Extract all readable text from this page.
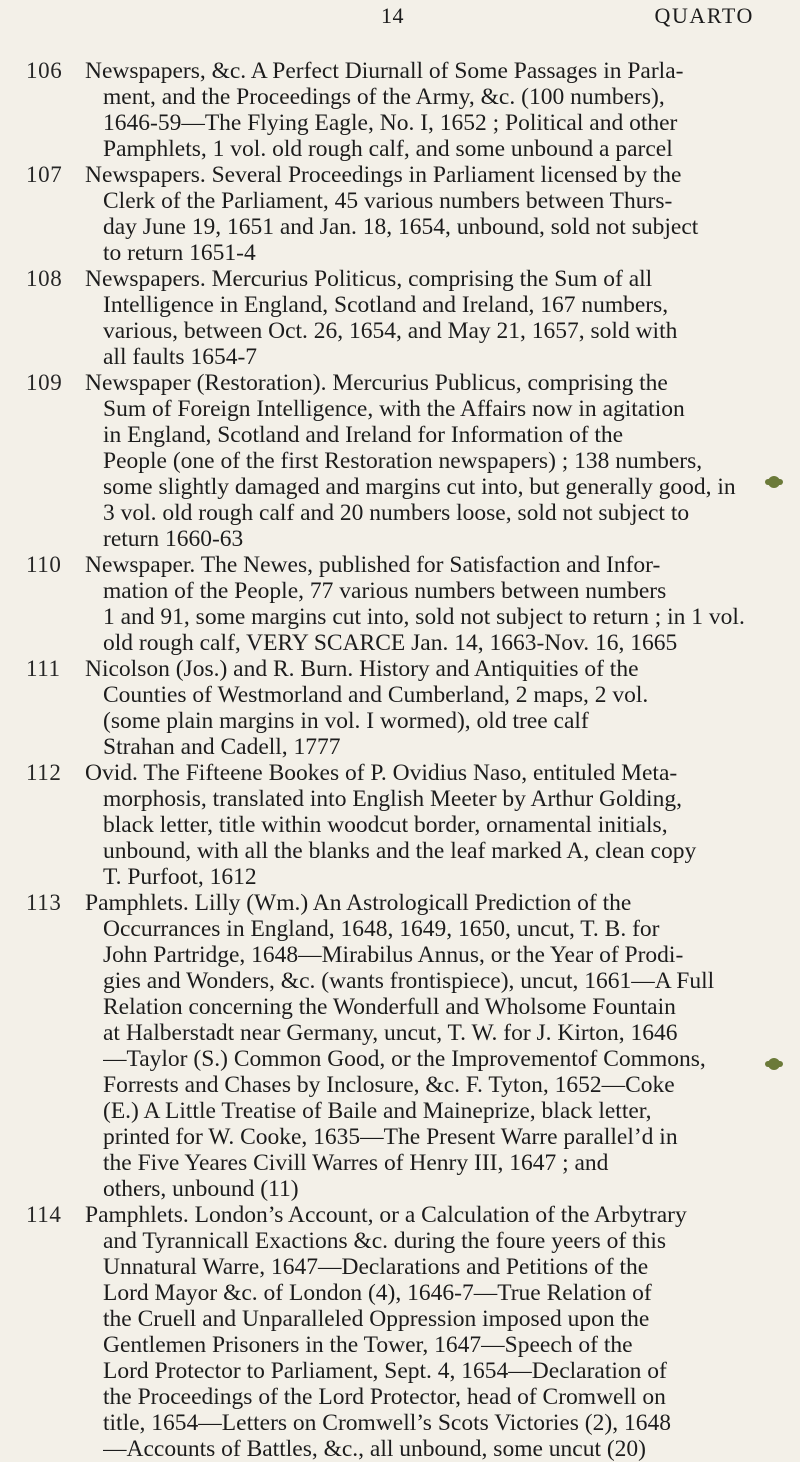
14	QUARTO
106 Newspapers, &c. A Perfect Diurnall of Some Passages in Parla-
ment, and the Proceedings of the Army, &c. (100 numbers),
1646-59—The Flying Eagle, No. I, 1652 ; Political and other
Pamphlets, 1 vol. old rough calf, and some unbound a parcel
107 Newspapers. Several Proceedings in Parliament licensed by the
Clerk of the Parliament, 45 various numbers between Thurs-
day June 19, 1651 and Jan. 18, 1654, unbound, sold not subject
to return 1651-4
108 Newspapers. Mercurius Politicus, comprising the Sum of all
Intelligence in England, Scotland and Ireland, 167 numbers,
various, between Oct. 26, 1654, and May 21, 1657, sold with
all faults 1654-7
109 Newspaper (Restoration). Mercurius Publicus, comprising the
Sum of Foreign Intelligence, with the Affairs now in agitation
in England, Scotland and Ireland for Information of the
People (one of the first Restoration newspapers) ; 138 numbers,
some slightly damaged and margins cut into, but generally good, in
3 vol. old rough calf and 20 numbers loose, sold not subject to
return 1660-63
110 Newspaper. The Newes, published for Satisfaction and Infor-
mation of the People, 77 various numbers between numbers
1 and 91, some margins cut into, sold not subject to return ; in 1 vol.
old rough calf, VERY SCARCE Jan. 14, 1663-Nov. 16, 1665
111 Nicolson (Jos.) and R. Burn. History and Antiquities of the
Counties of Westmorland and Cumberland, 2 maps, 2 vol.
(some plain margins in vol. I wormed), old tree calf
Strahan and Cadell, 1777
112 Ovid. The Fifteene Bookes of P. Ovidius Naso, entituled Meta-
morphosis, translated into English Meeter by Arthur Golding,
black letter, title within woodcut border, ornamental initials,
unbound, with all the blanks and the leaf marked A, clean copy
T. Purfoot, 1612
113 Pamphlets. Lilly (Wm.) An Astrologicall Prediction of the
Occurrances in England, 1648, 1649, 1650, uncut, T. B. for
John Partridge, 1648—Mirabilus Annus, or the Year of Prodi-
gies and Wonders, &c. (wants frontispiece), uncut, 1661—A Full
Relation concerning the Wonderfull and Wholsome Fountain
at Halberstadt near Germany, uncut, T. W. for J. Kirton, 1646
—Taylor (S.) Common Good, or the Improvementof Commons,
Forrests and Chases by Inclosure, &c. F. Tyton, 1652—Coke
(E.) A Little Treatise of Baile and Maineprize, black letter,
printed for W. Cooke, 1635—The Present Warre parallel’d in
the Five Yeares Civill Warres of Henry III, 1647 ; and
others, unbound (11)
114 Pamphlets. London’s Account, or a Calculation of the Arbytrary
and Tyrannicall Exactions &c. during the foure yeers of this
Unnatural Warre, 1647—Declarations and Petitions of the
Lord Mayor &c. of London (4), 1646-7—True Relation of
the Cruell and Unparalleled Oppression imposed upon the
Gentlemen Prisoners in the Tower, 1647—Speech of the
Lord Protector to Parliament, Sept. 4, 1654—Declaration of
the Proceedings of the Lord Protector, head of Cromwell on
title, 1654—Letters on Cromwell’s Scots Victories (2), 1648
—Accounts of Battles, &c., all unbound, some uncut (20)
